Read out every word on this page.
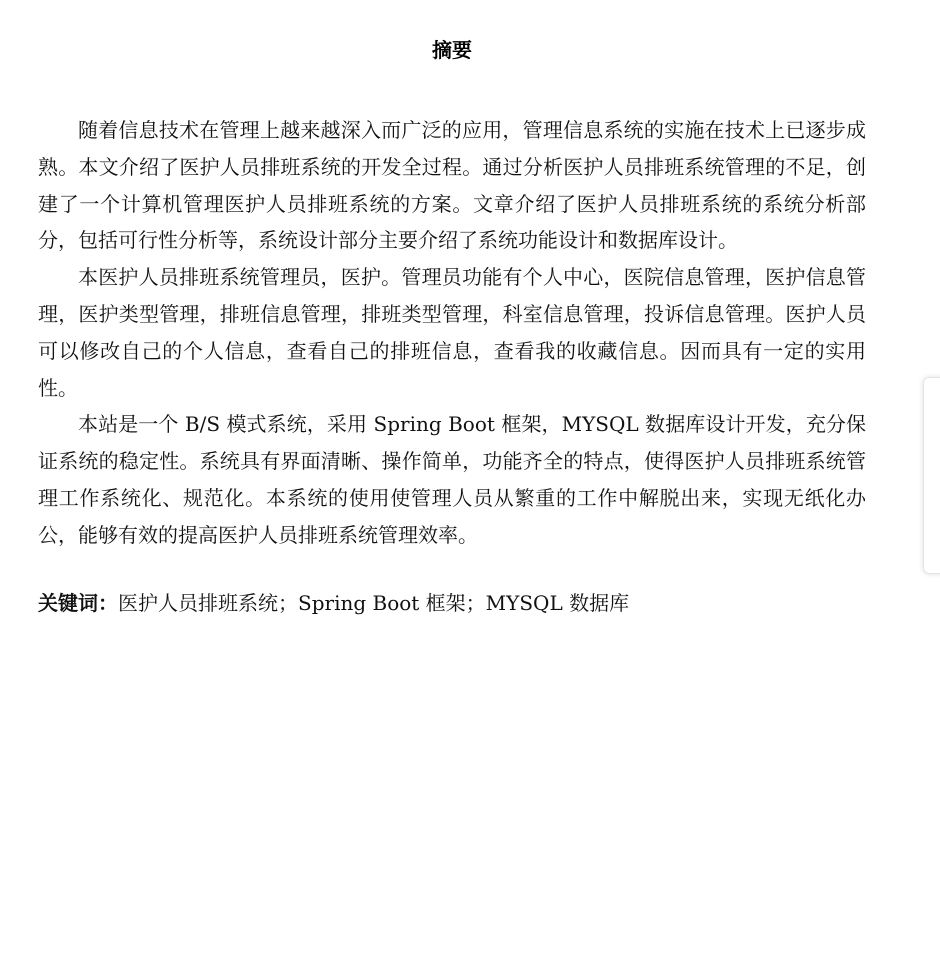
摘要

随着信息技术在管理上越来越深入而广泛的应用，管理信息系统的实施在技术上已逐步成熟。本文介绍了医护人员排班系统的开发全过程。通过分析医护人员排班系统管理的不足，创建了一个计算机管理医护人员排班系统的方案。文章介绍了医护人员排班系统的系统分析部分，包括可行性分析等，系统设计部分主要介绍了系统功能设计和数据库设计。

本医护人员排班系统管理员，医护。管理员功能有个人中心，医院信息管理，医护信息管理，医护类型管理，排班信息管理，排班类型管理，科室信息管理，投诉信息管理。医护人员可以修改自己的个人信息，查看自己的排班信息，查看我的收藏信息。因而具有一定的实用性。

本站是一个 B/S 模式系统，采用 Spring Boot 框架，MYSQL 数据库设计开发，充分保证系统的稳定性。系统具有界面清晰、操作简单，功能齐全的特点，使得医护人员排班系统管理工作系统化、规范化。本系统的使用使管理人员从繁重的工作中解脱出来，实现无纸化办公，能够有效的提高医护人员排班系统管理效率。

关键词：医护人员排班系统；Spring Boot 框架；MYSQL 数据库
